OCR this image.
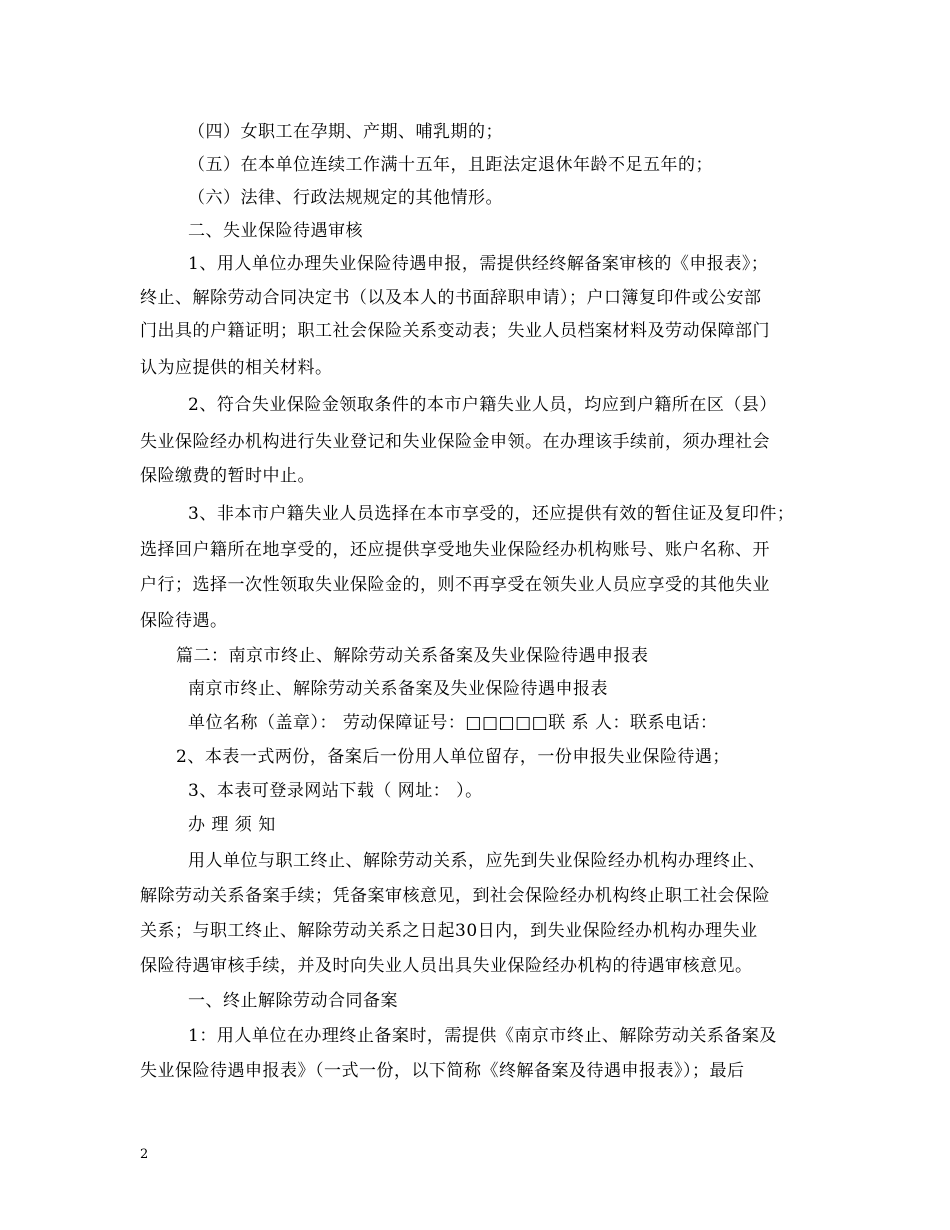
（四）女职工在孕期、产期、哺乳期的；
（五）在本单位连续工作满十五年，且距法定退休年龄不足五年的；
（六）法律、行政法规规定的其他情形。
二、失业保险待遇审核
1、用人单位办理失业保险待遇申报，需提供经终解备案审核的《申报表》；
终止、解除劳动合同决定书（以及本人的书面辞职申请）；户口簿复印件或公安部
门出具的户籍证明；职工社会保险关系变动表；失业人员档案材料及劳动保障部门
认为应提供的相关材料。
2、符合失业保险金领取条件的本市户籍失业人员，均应到户籍所在区（县）
失业保险经办机构进行失业登记和失业保险金申领。在办理该手续前，须办理社会
保险缴费的暂时中止。
3、非本市户籍失业人员选择在本市享受的，还应提供有效的暂住证及复印件；
选择回户籍所在地享受的，还应提供享受地失业保险经办机构账号、账户名称、开
户行；选择一次性领取失业保险金的，则不再享受在领失业人员应享受的其他失业
保险待遇。
篇二：南京市终止、解除劳动关系备案及失业保险待遇申报表
南京市终止、解除劳动关系备案及失业保险待遇申报表
单位名称（盖章）： 劳动保障证号：□□□□□联 系 人：联系电话：
2、本表一式两份，备案后一份用人单位留存，一份申报失业保险待遇；
3、本表可登录网站下载（ 网址： ）。
办 理 须 知
用人单位与职工终止、解除劳动关系，应先到失业保险经办机构办理终止、
解除劳动关系备案手续；凭备案审核意见，到社会保险经办机构终止职工社会保险
关系；与职工终止、解除劳动关系之日起30日内，到失业保险经办机构办理失业
保险待遇审核手续，并及时向失业人员出具失业保险经办机构的待遇审核意见。
一、终止解除劳动合同备案
1：用人单位在办理终止备案时，需提供《南京市终止、解除劳动关系备案及
失业保险待遇申报表》（一式一份，以下简称《终解备案及待遇申报表》）；最后
2
